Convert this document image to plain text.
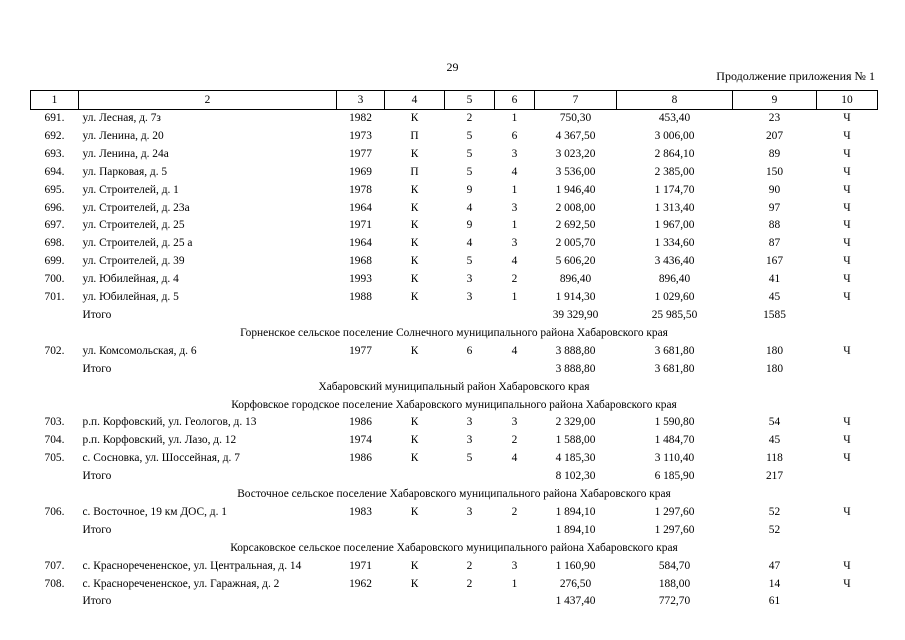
29
Продолжение приложения № 1
1	2	3	4	5	6	7	8	9	10
691.	ул. Лесная, д. 7з	1982	К	2	1	750,30	453,40	23	Ч
692.	ул. Ленина, д. 20	1973	П	5	6	4 367,50	3 006,00	207	Ч
693.	ул. Ленина, д. 24а	1977	К	5	3	3 023,20	2 864,10	89	Ч
694.	ул. Парковая, д. 5	1969	П	5	4	3 536,00	2 385,00	150	Ч
695.	ул. Строителей, д. 1	1978	К	9	1	1 946,40	1 174,70	90	Ч
696.	ул. Строителей, д. 23а	1964	К	4	3	2 008,00	1 313,40	97	Ч
697.	ул. Строителей, д. 25	1971	К	9	1	2 692,50	1 967,00	88	Ч
698.	ул. Строителей, д. 25 а	1964	К	4	3	2 005,70	1 334,60	87	Ч
699.	ул. Строителей, д. 39	1968	К	5	4	5 606,20	3 436,40	167	Ч
700.	ул. Юбилейная, д. 4	1993	К	3	2	896,40	896,40	41	Ч
701.	ул. Юбилейная, д. 5	1988	К	3	1	1 914,30	1 029,60	45	Ч
	Итого					39 329,90	25 985,50	1585	
Горненское сельское поселение Солнечного муниципального района Хабаровского края									
702.	ул. Комсомольская, д. 6	1977	К	6	4	3 888,80	3 681,80	180	Ч
	Итого					3 888,80	3 681,80	180	
Хабаровский муниципальный район Хабаровского края									
Корфовское городское поселение Хабаровского муниципального района Хабаровского края									
703.	р.п. Корфовский, ул. Геологов, д. 13	1986	К	3	3	2 329,00	1 590,80	54	Ч
704.	р.п. Корфовский, ул. Лазо, д. 12	1974	К	3	2	1 588,00	1 484,70	45	Ч
705.	с. Сосновка, ул. Шоссейная, д. 7	1986	К	5	4	4 185,30	3 110,40	118	Ч
	Итого					8 102,30	6 185,90	217	
Восточное сельское поселение Хабаровского муниципального района Хабаровского края									
706.	с. Восточное, 19 км ДОС, д. 1	1983	К	3	2	1 894,10	1 297,60	52	Ч
	Итого					1 894,10	1 297,60	52	
Корсаковское сельское поселение Хабаровского муниципального района Хабаровского края									
707.	с. Красноречененское, ул. Центральная, д. 14	1971	К	2	3	1 160,90	584,70	47	Ч
708.	с. Красноречененское, ул. Гаражная, д. 2	1962	К	2	1	276,50	188,00	14	Ч
	Итого					1 437,40	772,70	61	
